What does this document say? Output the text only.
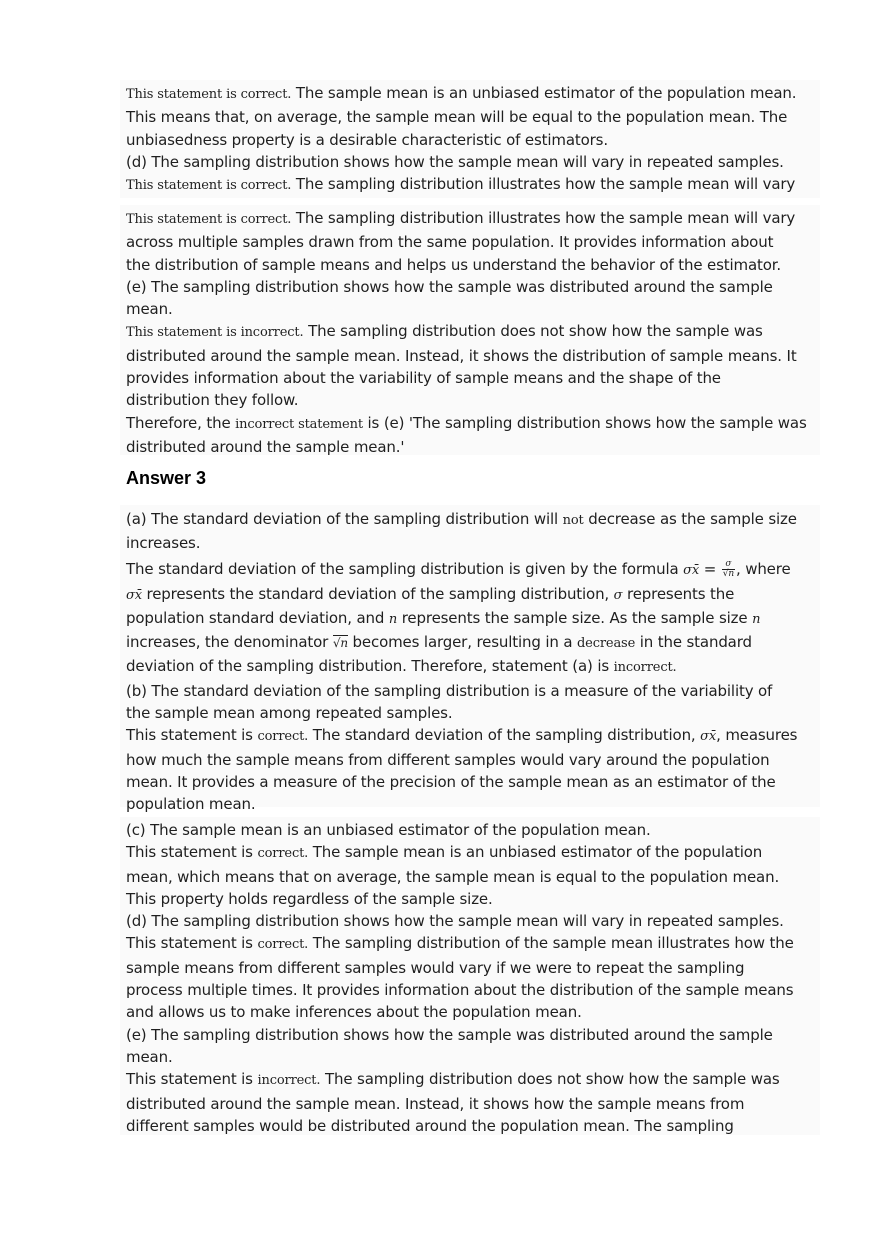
This statement is correct. The sample mean is an unbiased estimator of the population mean.
This means that, on average, the sample mean will be equal to the population mean. The
unbiasedness property is a desirable characteristic of estimators.
(d) The sampling distribution shows how the sample mean will vary in repeated samples.
This statement is correct. The sampling distribution illustrates how the sample mean will vary
This statement is correct. The sampling distribution illustrates how the sample mean will vary
across multiple samples drawn from the same population. It provides information about
the distribution of sample means and helps us understand the behavior of the estimator.
(e) The sampling distribution shows how the sample was distributed around the sample
mean.
This statement is incorrect. The sampling distribution does not show how the sample was
distributed around the sample mean. Instead, it shows the distribution of sample means. It
provides information about the variability of sample means and the shape of the
distribution they follow.
Therefore, the incorrect statement is (e) 'The sampling distribution shows how the sample was
distributed around the sample mean.'
Answer 3
(a) The standard deviation of the sampling distribution will not decrease as the sample size
increases.
The standard deviation of the sampling distribution is given by the formula σx̄ = $\frac{\sigma}{√n}$ , where
σx̄ represents the standard deviation of the sampling distribution, σ represents the
population standard deviation, and n represents the sample size. As the sample size n
increases, the denominator √n becomes larger, resulting in a decrease in the standard
deviation of the sampling distribution. Therefore, statement (a) is incorrect.
(b) The standard deviation of the sampling distribution is a measure of the variability of
the sample mean among repeated samples.
This statement is correct. The standard deviation of the sampling distribution, σx̄, measures
how much the sample means from different samples would vary around the population
mean. It provides a measure of the precision of the sample mean as an estimator of the
population mean.
(c) The sample mean is an unbiased estimator of the population mean.
This statement is correct. The sample mean is an unbiased estimator of the population
mean, which means that on average, the sample mean is equal to the population mean.
This property holds regardless of the sample size.
(d) The sampling distribution shows how the sample mean will vary in repeated samples.
This statement is correct. The sampling distribution of the sample mean illustrates how the
sample means from different samples would vary if we were to repeat the sampling
process multiple times. It provides information about the distribution of the sample means
and allows us to make inferences about the population mean.
(e) The sampling distribution shows how the sample was distributed around the sample
mean.
This statement is incorrect. The sampling distribution does not show how the sample was
distributed around the sample mean. Instead, it shows how the sample means from
different samples would be distributed around the population mean. The sampling
